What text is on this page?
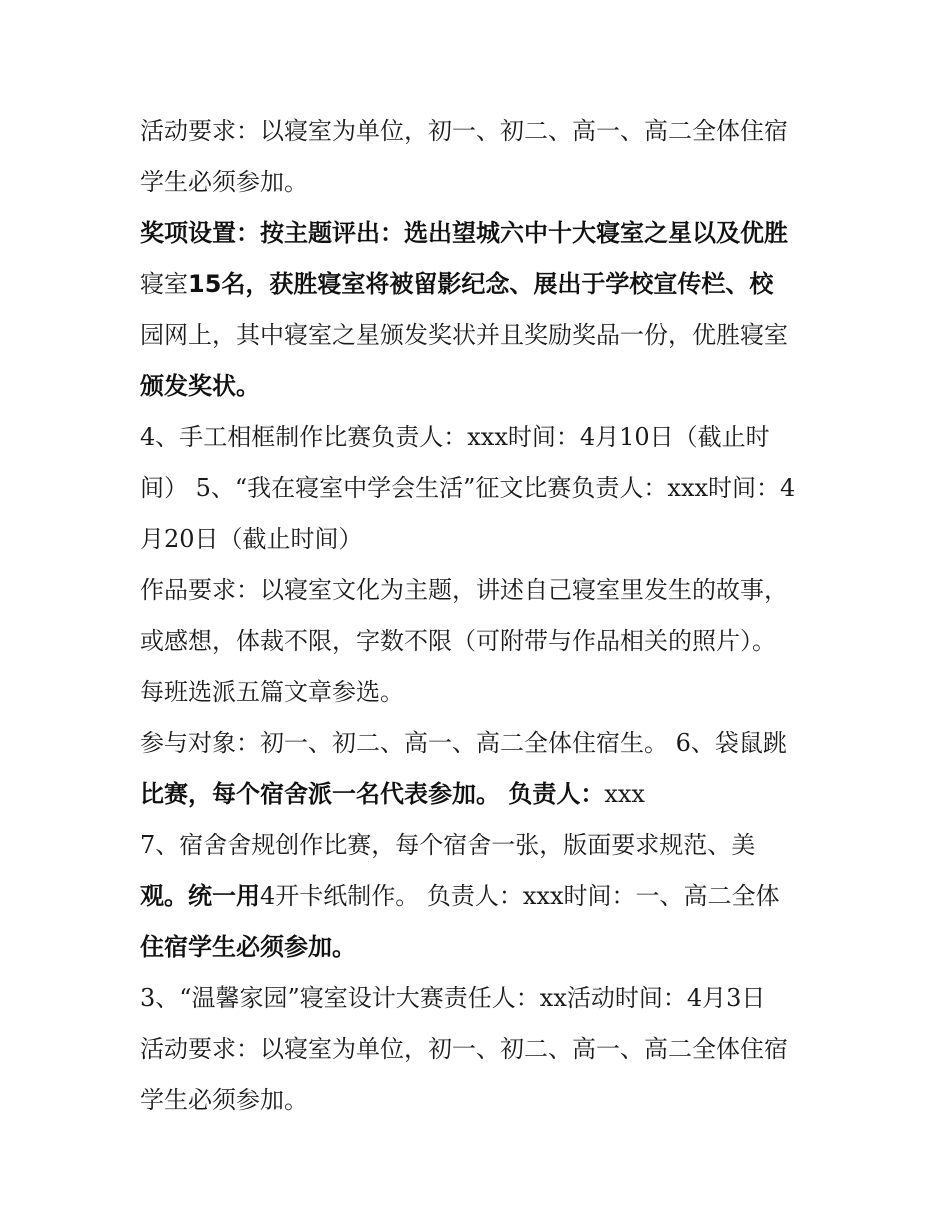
活动要求：以寝室为单位，初一、初二、高一、高二全体住宿
学生必须参加。
奖项设置：按主题评出：选出望城六中十大寝室之星以及优胜
寝室15名，获胜寝室将被留影纪念、展出于学校宣传栏、校
园网上，其中寝室之星颁发奖状并且奖励奖品一份，优胜寝室
颁发奖状。
4、手工相框制作比赛负责人：xxx时间：4月10日（截止时
间） 5、“我在寝室中学会生活”征文比赛负责人：xxx时间：4
月20日（截止时间）
作品要求：以寝室文化为主题，讲述自己寝室里发生的故事，
或感想，体裁不限，字数不限（可附带与作品相关的照片）。
每班选派五篇文章参选。
参与对象：初一、初二、高一、高二全体住宿生。 6、袋鼠跳
比赛，每个宿舍派一名代表参加。 负责人：xxx
7、宿舍舍规创作比赛，每个宿舍一张，版面要求规范、美
观。统一用4开卡纸制作。 负责人：xxx时间：一、高二全体
住宿学生必须参加。
3、“温馨家园”寝室设计大赛责任人：xx活动时间：4月3日
活动要求：以寝室为单位，初一、初二、高一、高二全体住宿
学生必须参加。
